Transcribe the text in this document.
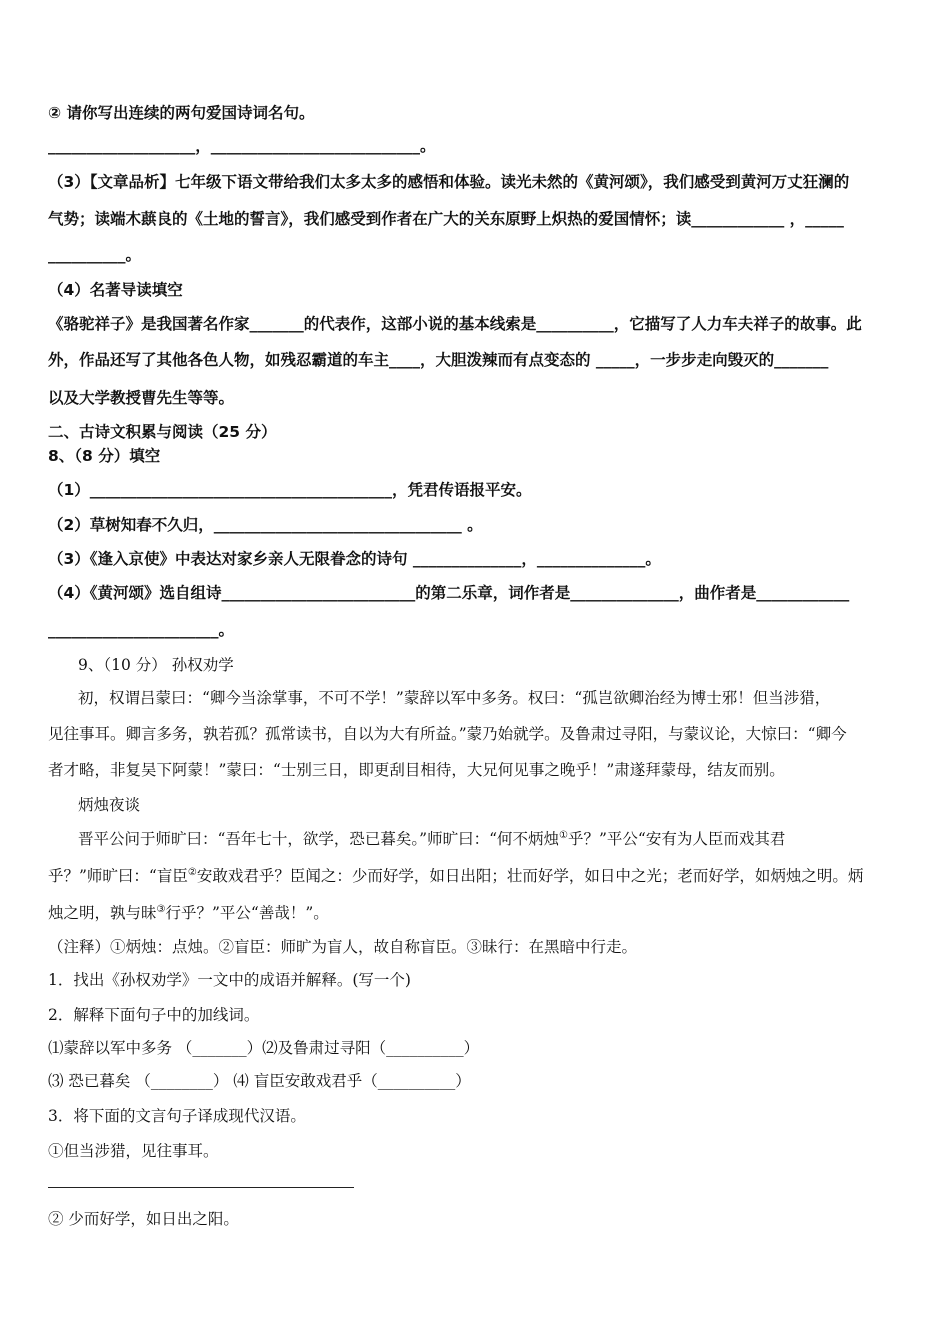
② 请你写出连续的两句爱国诗词名句。
___________________，___________________________。
（3）【文章品析】七年级下语文带给我们太多太多的感悟和体验。读光未然的《黄河颂》，我们感受到黄河万丈狂澜的
气势；读端木蕻良的《土地的誓言》，我们感受到作者在广大的关东原野上炽热的爱国情怀；读____________ ，_____
__________。
（4）名著导读填空
《骆驼祥子》是我国著名作家_______的代表作，这部小说的基本线索是__________，它描写了人力车夫祥子的故事。此
外，作品还写了其他各色人物，如残忍霸道的车主____，大胆泼辣而有点变态的 _____，一步步走向毁灭的_______
以及大学教授曹先生等等。
二、古诗文积累与阅读（25 分）
8、（8 分）填空
（1）_______________________________________，凭君传语报平安。
（2）草树知春不久归，________________________________ 。
（3）《逢入京使》中表达对家乡亲人无限眷念的诗句 ______________，______________。
（4）《黄河颂》选自组诗_________________________的第二乐章，词作者是______________，曲作者是____________
______________________。
9、（10 分） 孙权劝学
初，权谓吕蒙曰：“卿今当涂掌事，不可不学！”蒙辞以军中多务。权曰：“孤岂欲卿治经为博士邪！但当涉猎，
见往事耳。卿言多务，孰若孤？孤常读书，自以为大有所益。”蒙乃始就学。及鲁肃过寻阳，与蒙议论，大惊曰：“卿今
者才略，非复吴下阿蒙！”蒙曰：“士别三日，即更刮目相待，大兄何见事之晚乎！”肃遂拜蒙母，结友而别。
炳烛夜谈
晋平公问于师旷曰：“吾年七十，欲学，恐已暮矣。”师旷曰：“何不炳烛①乎？”平公“安有为人臣而戏其君
乎？”师旷曰：“盲臣②安敢戏君乎？臣闻之：少而好学，如日出阳；壮而好学，如日中之光；老而好学，如炳烛之明。炳
烛之明，孰与昧③行乎？”平公“善哉！”。
（注释）①炳烛：点烛。②盲臣：师旷为盲人，故自称盲臣。③昧行：在黑暗中行走。
1．找出《孙权劝学》一文中的成语并解释。(写一个)
2．解释下面句子中的加线词。
⑴蒙辞以军中多务 （_______）⑵及鲁肃过寻阳（__________）
⑶ 恐已暮矣 （________） ⑷ 盲臣安敢戏君乎（__________）
3．将下面的文言句子译成现代汉语。
①但当涉猎，见往事耳。
② 少而好学，如日出之阳。
